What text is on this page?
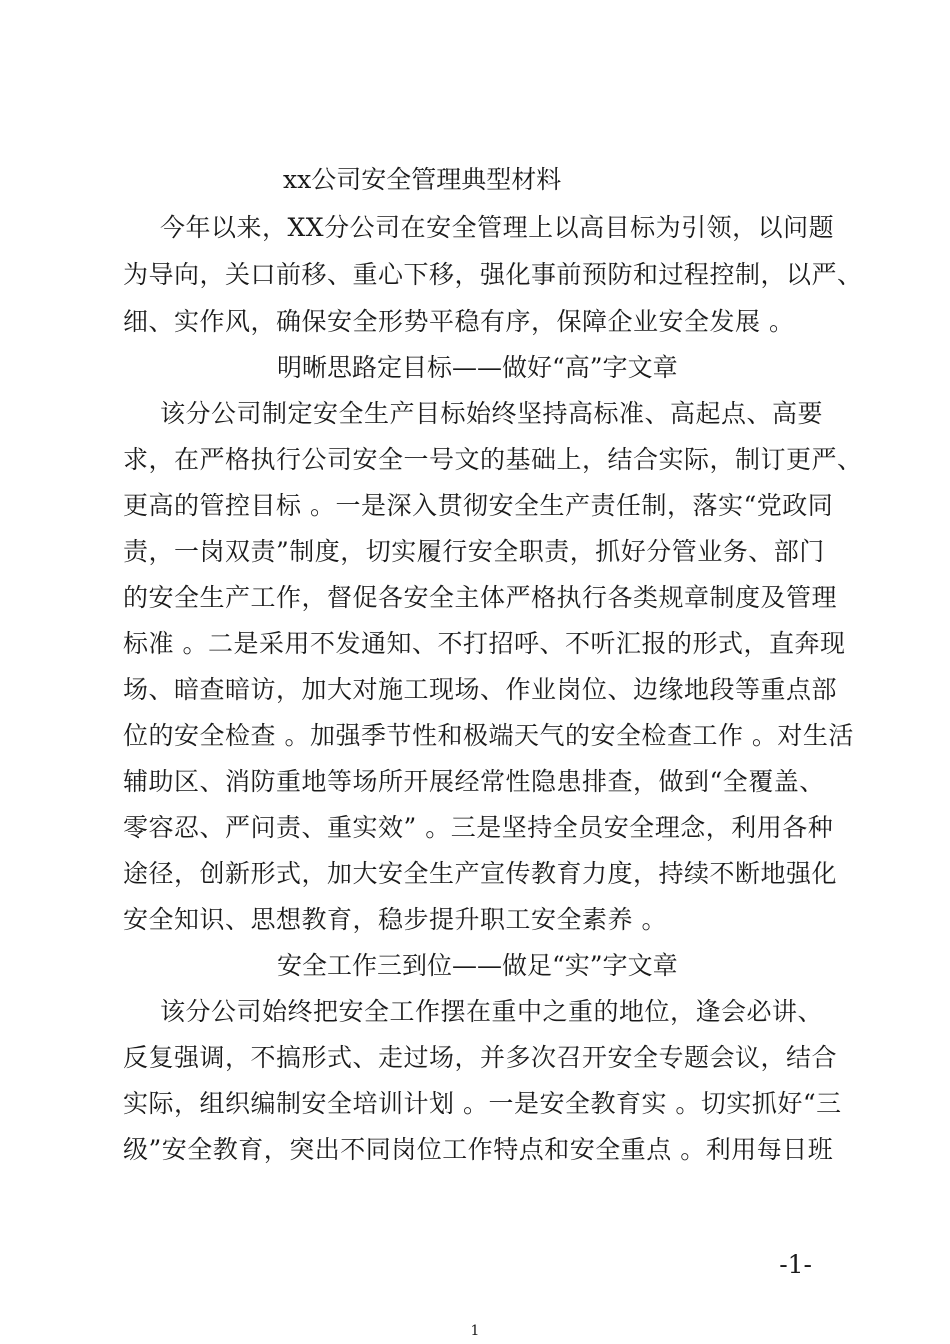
xx公司安全管理典型材料
今年以来，XX分公司在安全管理上以高目标为引领，以问题
为导向，关口前移、重心下移，强化事前预防和过程控制，以严、
细、实作风，确保安全形势平稳有序，保障企业安全发展 。
明晰思路定目标——做好“高”字文章
该分公司制定安全生产目标始终坚持高标准、高起点、高要
求，在严格执行公司安全一号文的基础上，结合实际，制订更严、
更高的管控目标 。一是深入贯彻安全生产责任制，落实“党政同
责，一岗双责”制度，切实履行安全职责，抓好分管业务、部门
的安全生产工作，督促各安全主体严格执行各类规章制度及管理
标准 。二是采用不发通知、不打招呼、不听汇报的形式，直奔现
场、暗查暗访，加大对施工现场、作业岗位、边缘地段等重点部
位的安全检查 。加强季节性和极端天气的安全检查工作 。对生活
辅助区、消防重地等场所开展经常性隐患排查，做到“全覆盖、
零容忍、严问责、重实效” 。三是坚持全员安全理念，利用各种
途径，创新形式，加大安全生产宣传教育力度，持续不断地强化
安全知识、思想教育，稳步提升职工安全素养 。
安全工作三到位——做足“实”字文章
该分公司始终把安全工作摆在重中之重的地位，逢会必讲、
反复强调，不搞形式、走过场，并多次召开安全专题会议，结合
实际，组织编制安全培训计划 。一是安全教育实 。切实抓好“三
级”安全教育，突出不同岗位工作特点和安全重点 。利用每日班
-1-
1
